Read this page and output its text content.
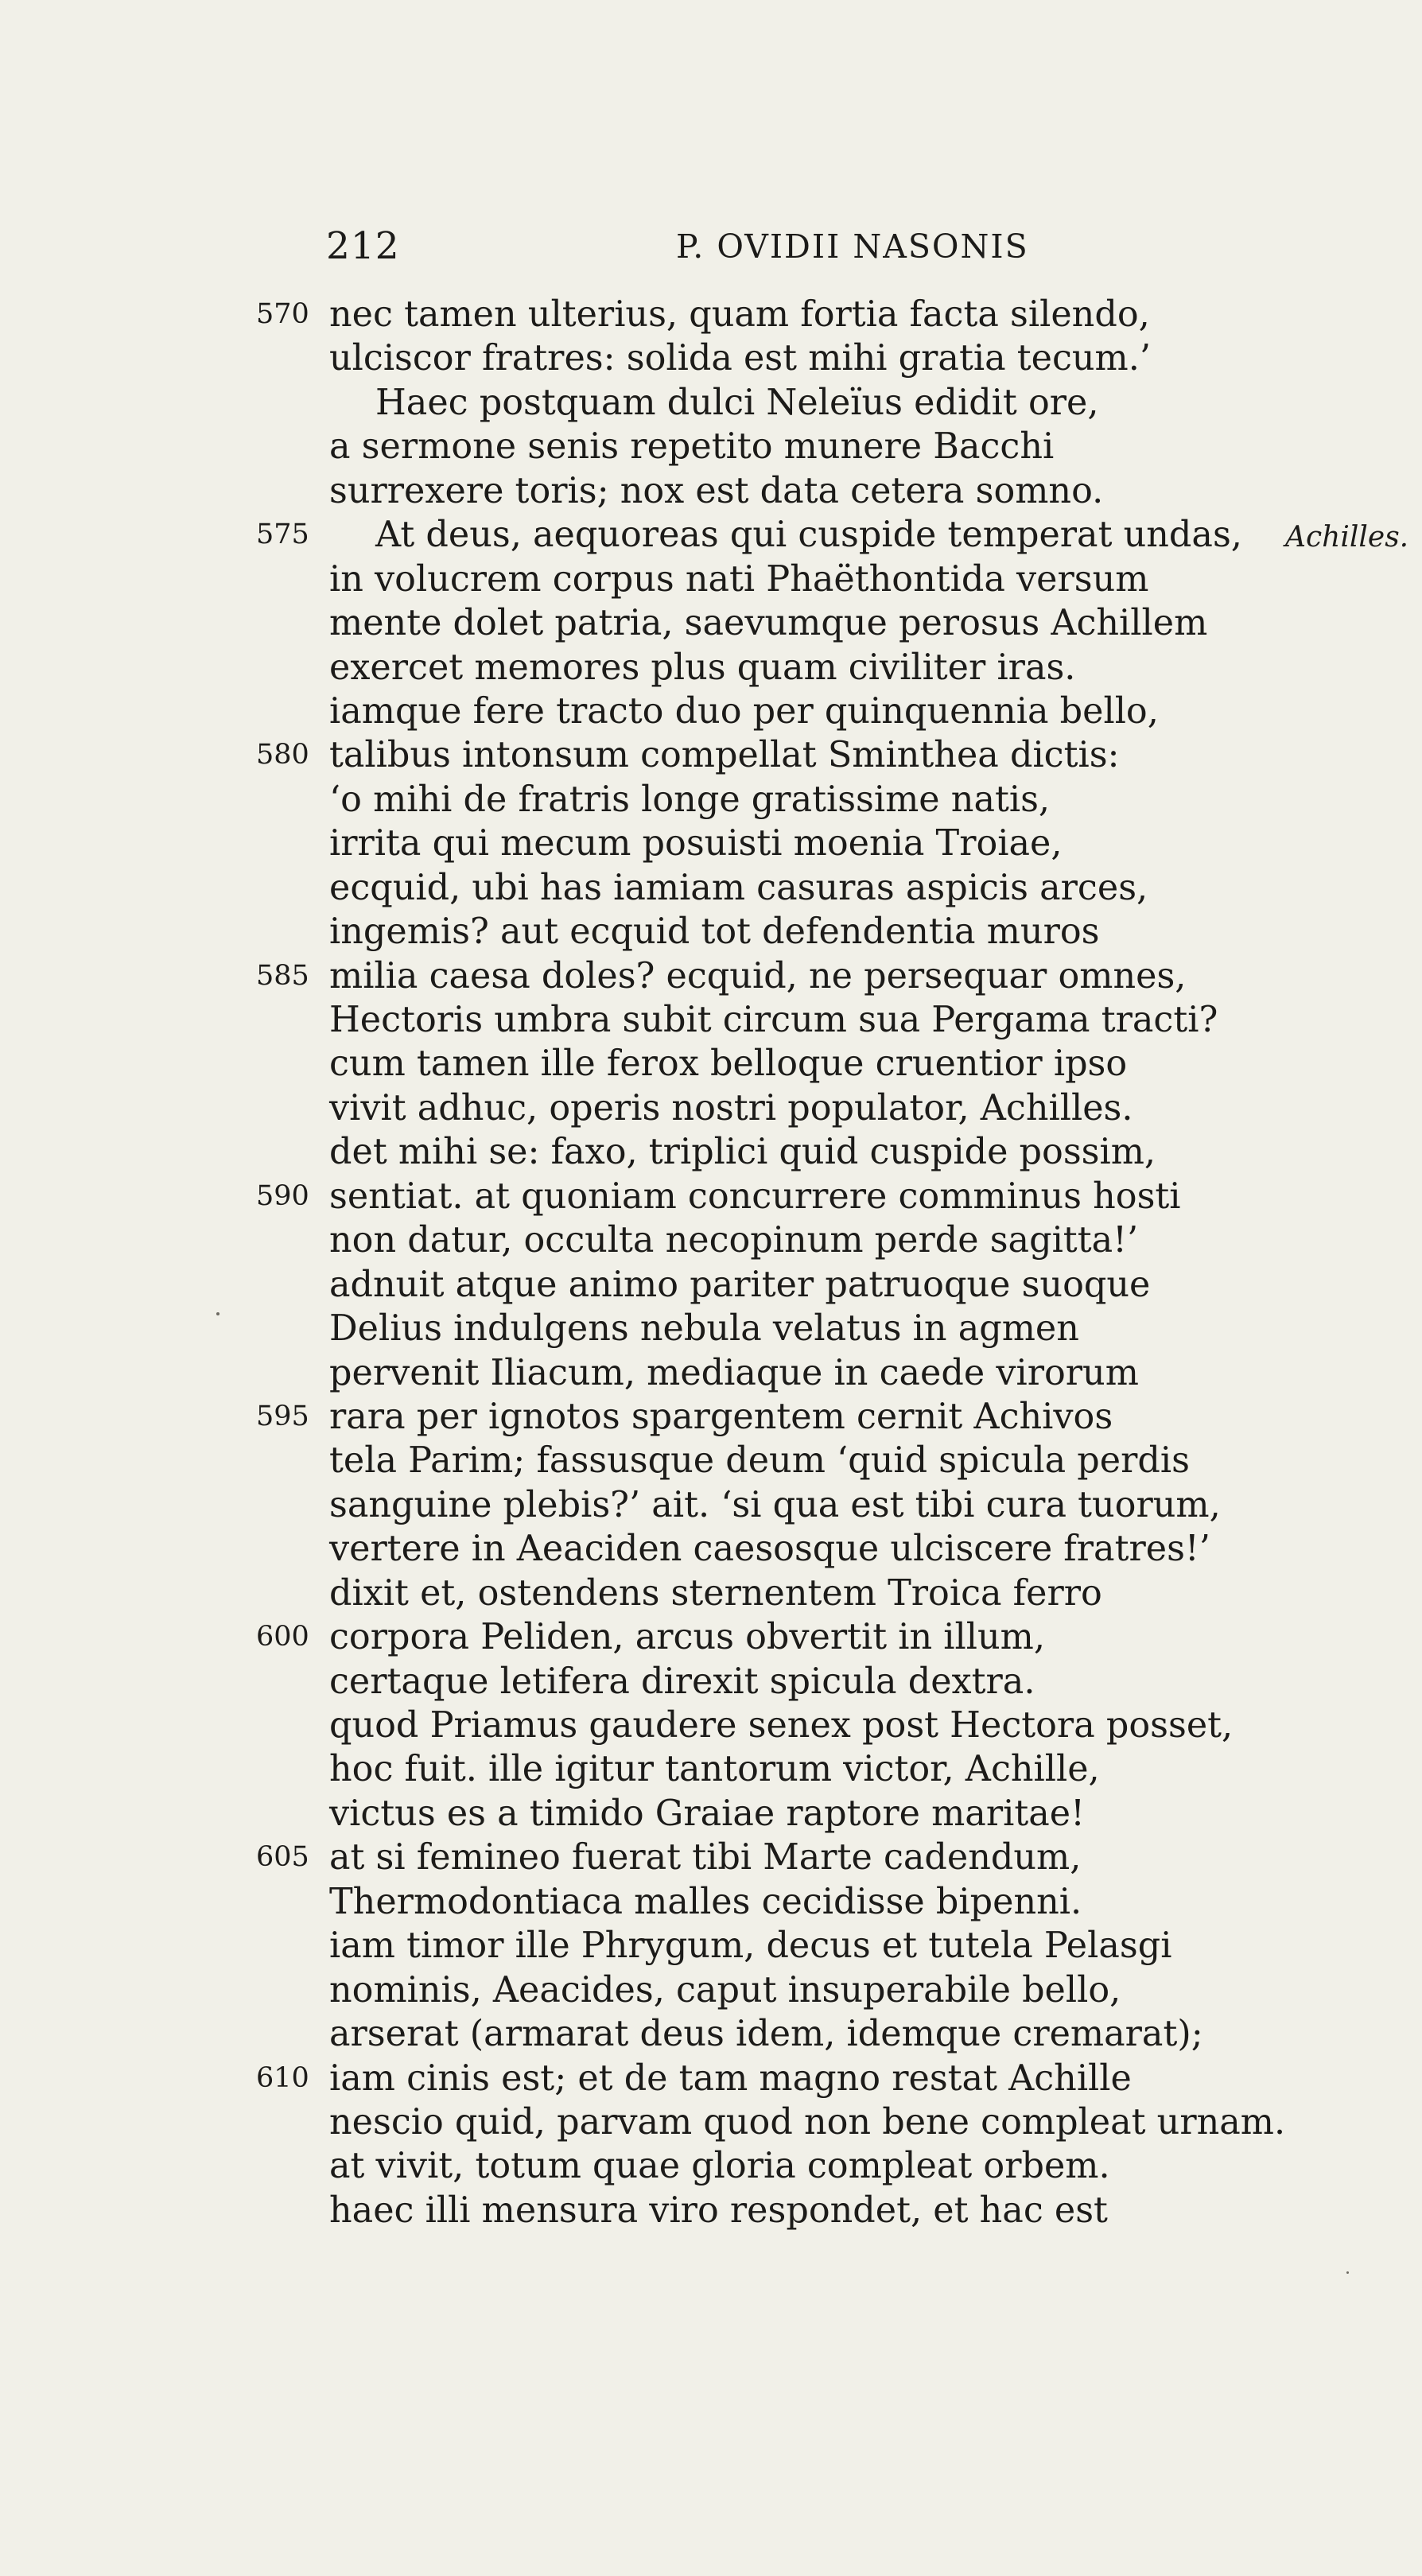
212	P. OVIDII NASONIS
570 nec tamen ulterius, quam fortia facta silendo,
ulciscor fratres: solida est mihi gratia tecum.’
Haec postquam dulci Neleïus edidit ore,
a sermone senis repetito munere Bacchi
surrexere toris; nox est data cetera somno.
575 At deus, aequoreas qui cuspide temperat undas, Achilles.
in volucrem corpus nati Phaëthontida versum
mente dolet patria, saevumque perosus Achillem
exercet memores plus quam civiliter iras.
iamque fere tracto duo per quinquennia bello,
580 talibus intonsum compellat Sminthea dictis:
‘o mihi de fratris longe gratissime natis,
irrita qui mecum posuisti moenia Troiae,
ecquid, ubi has iamiam casuras aspicis arces,
ingemis? aut ecquid tot defendentia muros
585 milia caesa doles? ecquid, ne persequar omnes,
Hectoris umbra subit circum sua Pergama tracti?
cum tamen ille ferox belloque cruentior ipso
vivit adhuc, operis nostri populator, Achilles.
det mihi se: faxo, triplici quid cuspide possim,
590 sentiat. at quoniam concurrere comminus hosti
non datur, occulta necopinum perde sagitta!’
adnuit atque animo pariter patruoque suoque
Delius indulgens nebula velatus in agmen
pervenit Iliacum, mediaque in caede virorum
595 rara per ignotos spargentem cernit Achivos
tela Parim; fassusque deum ‘quid spicula perdis
sanguine plebis?’ ait. ‘si qua est tibi cura tuorum,
vertere in Aeaciden caesosque ulciscere fratres!’
dixit et, ostendens sternentem Troica ferro
600 corpora Peliden, arcus obvertit in illum,
certaque letifera direxit spicula dextra.
quod Priamus gaudere senex post Hectora posset,
hoc fuit. ille igitur tantorum victor, Achille,
victus es a timido Graiae raptore maritae!
605 at si femineo fuerat tibi Marte cadendum,
Thermodontiaca malles cecidisse bipenni.
iam timor ille Phrygum, decus et tutela Pelasgi
nominis, Aeacides, caput insuperabile bello,
arserat (armarat deus idem, idemque cremarat);
610 iam cinis est; et de tam magno restat Achille
nescio quid, parvam quod non bene compleat urnam.
at vivit, totum quae gloria compleat orbem.
haec illi mensura viro respondet, et hac est
